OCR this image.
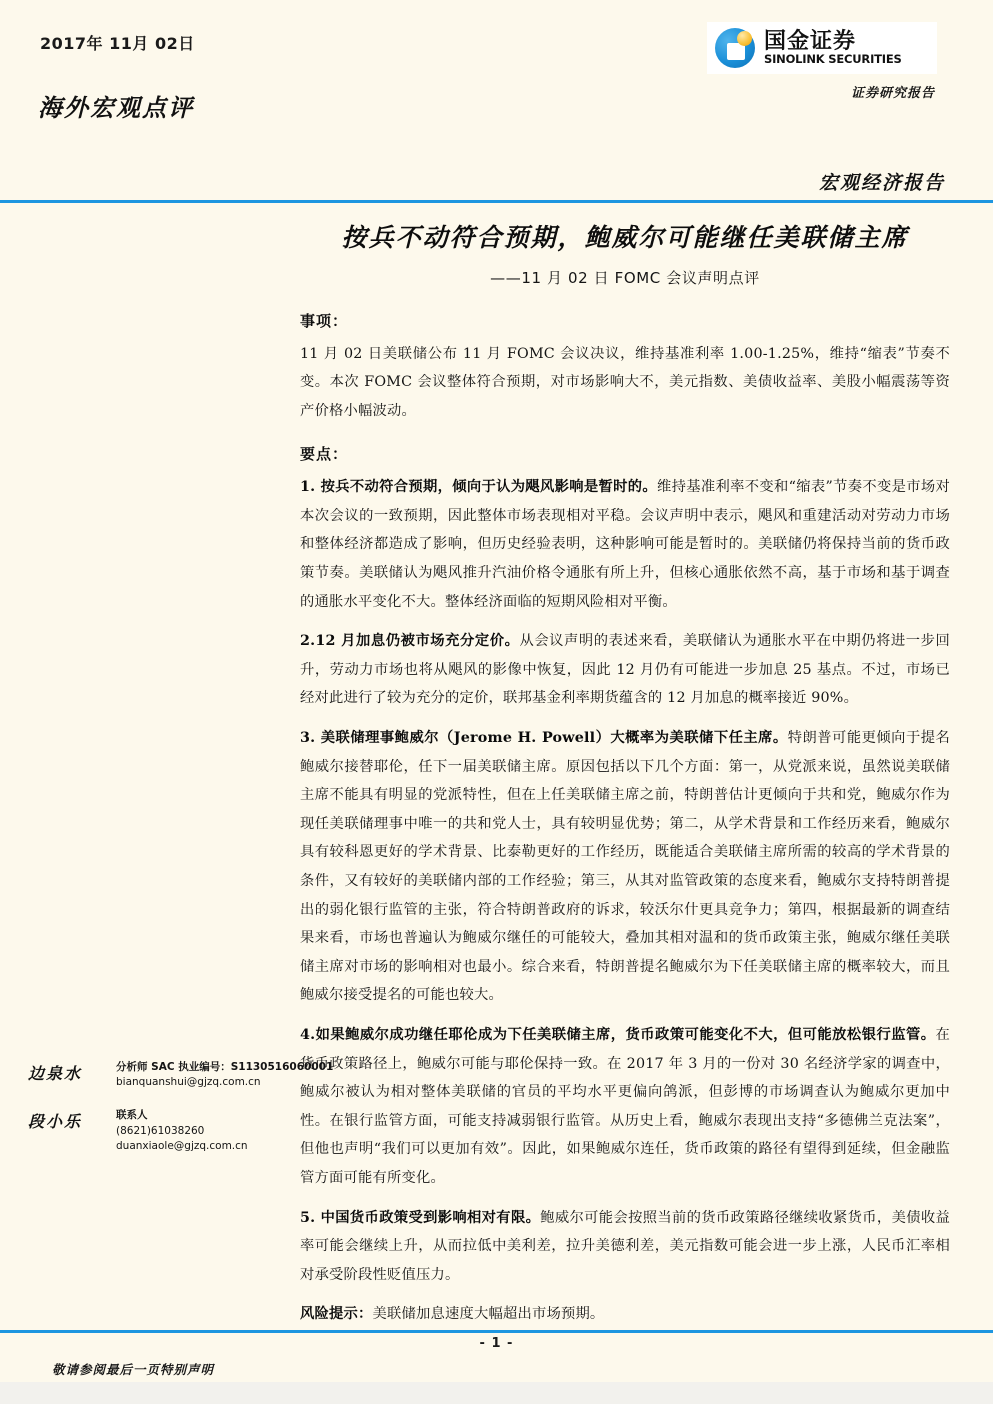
2017年 11月 02日
海外宏观点评
国金证券
SINOLINK SECURITIES
证券研究报告
宏观经济报告
边泉水	分析师 SAC 执业编号：S1130516060001
bianquanshui@gjzq.com.cn
段小乐	联系人
(8621)61038260
duanxiaole@gjzq.com.cn
按兵不动符合预期，鲍威尔可能继任美联储主席
——11 月 02 日 FOMC 会议声明点评
事项：

11 月 02 日美联储公布 11 月 FOMC 会议决议，维持基准利率 1.00-1.25%，维持“缩表”节奏不变。本次 FOMC 会议整体符合预期，对市场影响大不，美元指数、美债收益率、美股小幅震荡等资产价格小幅波动。

要点：

1. 按兵不动符合预期，倾向于认为飓风影响是暂时的。维持基准利率不变和“缩表”节奏不变是市场对本次会议的一致预期，因此整体市场表现相对平稳。会议声明中表示，飓风和重建活动对劳动力市场和整体经济都造成了影响，但历史经验表明，这种影响可能是暂时的。美联储仍将保持当前的货币政策节奏。美联储认为飓风推升汽油价格令通胀有所上升，但核心通胀依然不高，基于市场和基于调查的通胀水平变化不大。整体经济面临的短期风险相对平衡。

2.12 月加息仍被市场充分定价。从会议声明的表述来看，美联储认为通胀水平在中期仍将进一步回升，劳动力市场也将从飓风的影像中恢复，因此 12 月仍有可能进一步加息 25 基点。不过，市场已经对此进行了较为充分的定价，联邦基金利率期货蕴含的 12 月加息的概率接近 90%。

3. 美联储理事鲍威尔（Jerome H. Powell）大概率为美联储下任主席。特朗普可能更倾向于提名鲍威尔接替耶伦，任下一届美联储主席。原因包括以下几个方面：第一，从党派来说，虽然说美联储主席不能具有明显的党派特性，但在上任美联储主席之前，特朗普估计更倾向于共和党，鲍威尔作为现任美联储理事中唯一的共和党人士，具有较明显优势；第二，从学术背景和工作经历来看，鲍威尔具有较科恩更好的学术背景、比泰勒更好的工作经历，既能适合美联储主席所需的较高的学术背景的条件，又有较好的美联储内部的工作经验；第三，从其对监管政策的态度来看，鲍威尔支持特朗普提出的弱化银行监管的主张，符合特朗普政府的诉求，较沃尔什更具竞争力；第四，根据最新的调查结果来看，市场也普遍认为鲍威尔继任的可能较大，叠加其相对温和的货币政策主张，鲍威尔继任美联储主席对市场的影响相对也最小。综合来看，特朗普提名鲍威尔为下任美联储主席的概率较大，而且鲍威尔接受提名的可能也较大。

4.如果鲍威尔成功继任耶伦成为下任美联储主席，货币政策可能变化不大，但可能放松银行监管。在货币政策路径上，鲍威尔可能与耶伦保持一致。在 2017 年 3 月的一份对 30 名经济学家的调查中，鲍威尔被认为相对整体美联储的官员的平均水平更偏向鸽派，但彭博的市场调查认为鲍威尔更加中性。在银行监管方面，可能支持减弱银行监管。从历史上看，鲍威尔表现出支持“多德佛兰克法案”，但他也声明“我们可以更加有效”。因此，如果鲍威尔连任，货币政策的路径有望得到延续，但金融监管方面可能有所变化。

5. 中国货币政策受到影响相对有限。鲍威尔可能会按照当前的货币政策路径继续收紧货币，美债收益率可能会继续上升，从而拉低中美利差，拉升美德利差，美元指数可能会进一步上涨，人民币汇率相对承受阶段性贬值压力。

风险提示：美联储加息速度大幅超出市场预期。

- 1 -
敬请参阅最后一页特别声明
